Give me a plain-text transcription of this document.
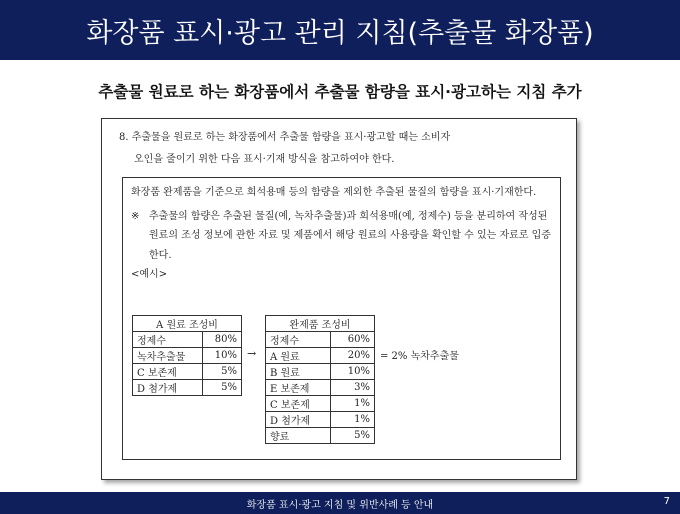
화장품 표시·광고 관리 지침(추출물 화장품)
추출물 원료로 하는 화장품에서 추출물 함량을 표시·광고하는 지침 추가
8. 추출물을 원료로 하는 화장품에서 추출물 함량을 표시·광고할 때는 소비자
오인을 줄이기 위한 다음 표시·기재 방식을 참고하여야 한다.

화장품 완제품을 기준으로 희석용매 등의 함량을 제외한 추출된 물질의 함량을 표시·기재한다.

※ 추출물의 함량은 추출된 물질(예, 녹차추출물)과 희석용매(예, 정제수) 등을 분리하여 작성된 원료의 조성 정보에 관한 자료 및 제품에서 해당 원료의 사용량을 확인할 수 있는 자료로 입증한다.

<예시>

A 원료 조성비	
정제수	80%
녹차추출물	10%
C 보존제	5%
D 첨가제	5%
→
완제품 조성비	
정제수	60%
A 원료	20%
B 원료	10%
E 보존제	3%
C 보존제	1%
D 첨가제	1%
향료	5%
= 2% 녹차추출물
화장품 표시·광고 지침 및 위반사례 등 안내	7
